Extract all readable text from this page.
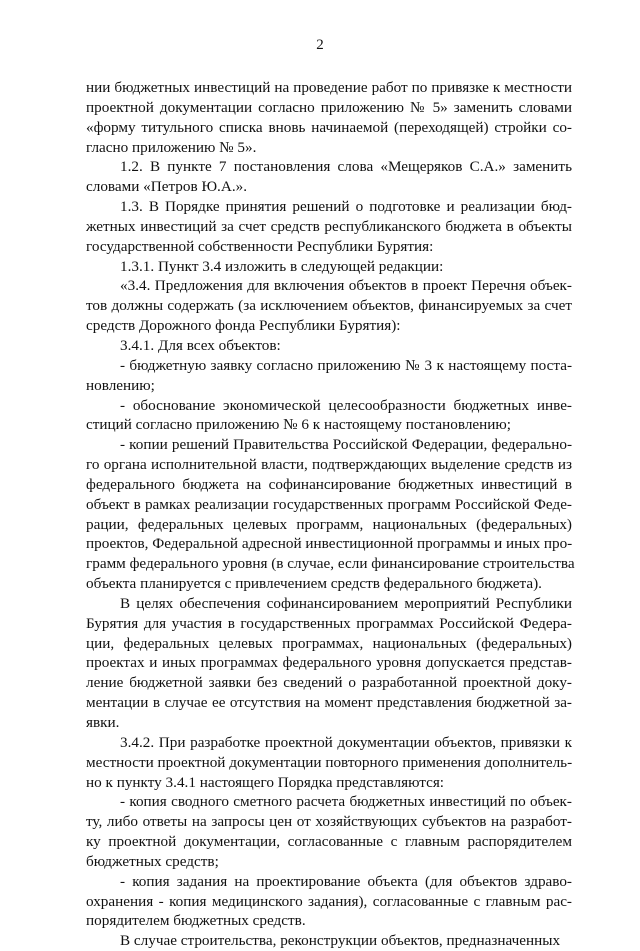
2
нии бюджетных инвестиций на проведение работ по привязке к местности
проектной документации согласно приложению № 5» заменить словами
«форму титульного списка вновь начинаемой (переходящей) стройки со-
гласно приложению № 5».
1.2. В пункте 7 постановления слова «Мещеряков С.А.» заменить
словами «Петров Ю.А.».
1.3. В Порядке принятия решений о подготовке и реализации бюд-
жетных инвестиций за счет средств республиканского бюджета в объекты
государственной собственности Республики Бурятия:
1.3.1. Пункт 3.4 изложить в следующей редакции:
«3.4. Предложения для включения объектов в проект Перечня объек-
тов должны содержать (за исключением объектов, финансируемых за счет
средств Дорожного фонда Республики Бурятия):
3.4.1. Для всех объектов:
- бюджетную заявку согласно приложению № 3 к настоящему поста-
новлению;
- обоснование экономической целесообразности бюджетных инве-
стиций согласно приложению № 6 к настоящему постановлению;
- копии решений Правительства Российской Федерации, федерально-
го органа исполнительной власти, подтверждающих выделение средств из
федерального бюджета на софинансирование бюджетных инвестиций в
объект в рамках реализации государственных программ Российской Феде-
рации, федеральных целевых программ, национальных (федеральных)
проектов, Федеральной адресной инвестиционной программы и иных про-
грамм федерального уровня (в случае, если финансирование строительства
объекта планируется с привлечением средств федерального бюджета).
В целях обеспечения софинансированием мероприятий Республики
Бурятия для участия в государственных программах Российской Федера-
ции, федеральных целевых программах, национальных (федеральных)
проектах и иных программах федерального уровня допускается представ-
ление бюджетной заявки без сведений о разработанной проектной доку-
ментации в случае ее отсутствия на момент представления бюджетной за-
явки.
3.4.2. При разработке проектной документации объектов, привязки к
местности проектной документации повторного применения дополнитель-
но к пункту 3.4.1 настоящего Порядка представляются:
- копия сводного сметного расчета бюджетных инвестиций по объек-
ту, либо ответы на запросы цен от хозяйствующих субъектов на разработ-
ку проектной документации, согласованные с главным распорядителем
бюджетных средств;
- копия задания на проектирование объекта (для объектов здраво-
охранения - копия медицинского задания), согласованные с главным рас-
порядителем бюджетных средств.
В случае строительства, реконструкции объектов, предназначенных
